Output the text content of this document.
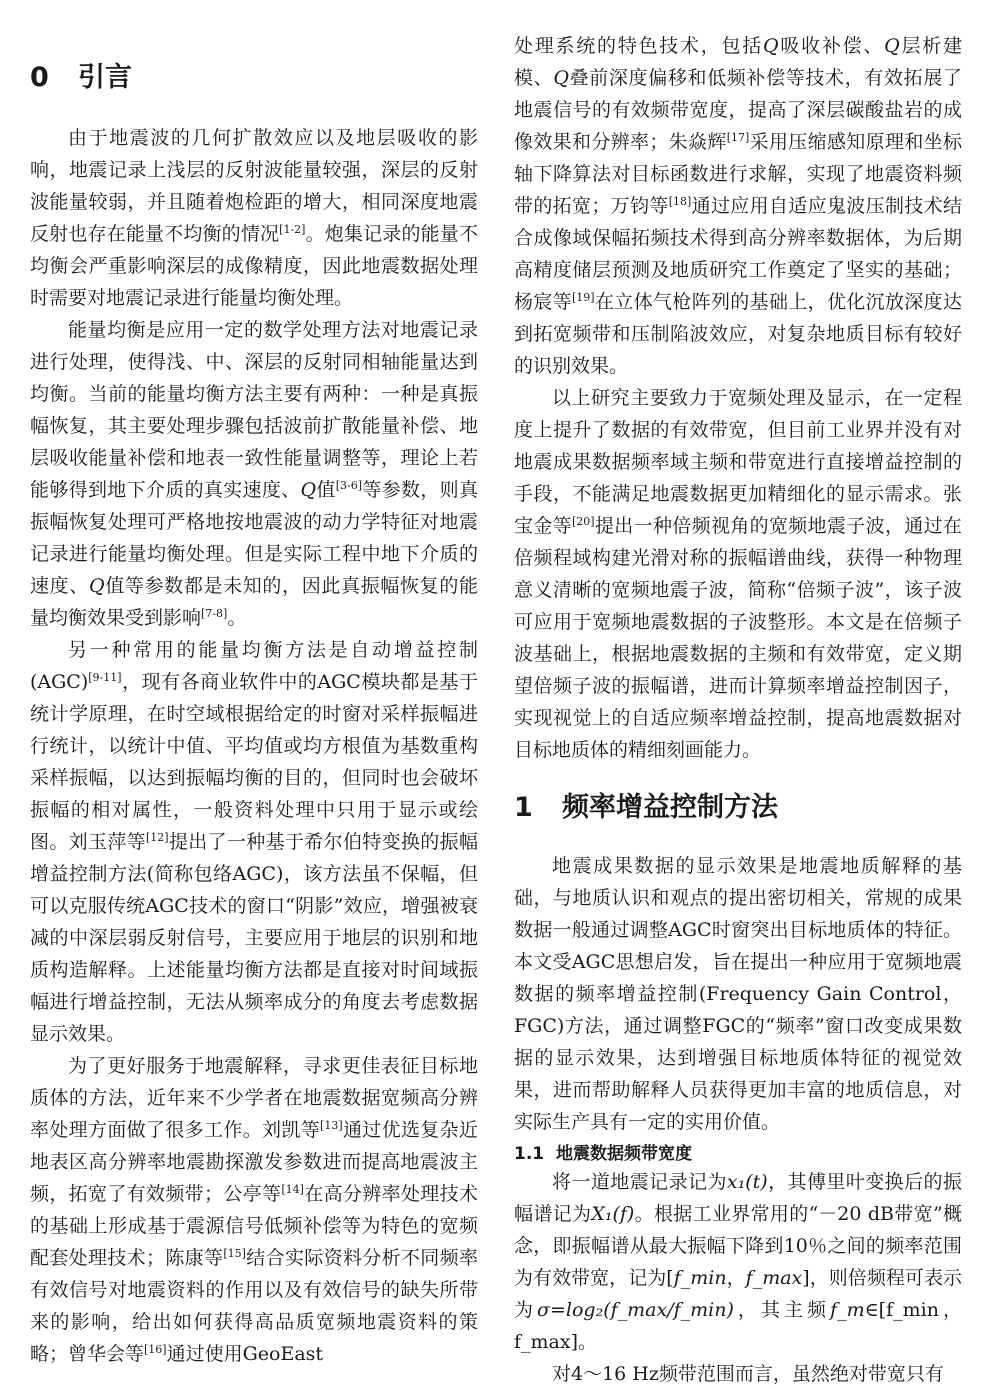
0 引言

由于地震波的几何扩散效应以及地层吸收的影响，地震记录上浅层的反射波能量较强，深层的反射波能量较弱，并且随着炮检距的增大，相同深度地震反射也存在能量不均衡的情况[1-2]。炮集记录的能量不均衡会严重影响深层的成像精度，因此地震数据处理时需要对地震记录进行能量均衡处理。

能量均衡是应用一定的数学处理方法对地震记录进行处理，使得浅、中、深层的反射同相轴能量达到均衡。当前的能量均衡方法主要有两种：一种是真振幅恢复，其主要处理步骤包括波前扩散能量补偿、地层吸收能量补偿和地表一致性能量调整等，理论上若能够得到地下介质的真实速度、Q值[3-6]等参数，则真振幅恢复处理可严格地按地震波的动力学特征对地震记录进行能量均衡处理。但是实际工程中地下介质的速度、Q值等参数都是未知的，因此真振幅恢复的能量均衡效果受到影响[7-8]。

另一种常用的能量均衡方法是自动增益控制(AGC)[9-11]，现有各商业软件中的AGC模块都是基于统计学原理，在时空域根据给定的时窗对采样振幅进行统计，以统计中值、平均值或均方根值为基数重构采样振幅，以达到振幅均衡的目的，但同时也会破坏振幅的相对属性，一般资料处理中只用于显示或绘图。刘玉萍等[12]提出了一种基于希尔伯特变换的振幅增益控制方法(简称包络AGC)，该方法虽不保幅，但可以克服传统AGC技术的窗口“阴影”效应，增强被衰减的中深层弱反射信号，主要应用于地层的识别和地质构造解释。上述能量均衡方法都是直接对时间域振幅进行增益控制，无法从频率成分的角度去考虑数据显示效果。

为了更好服务于地震解释，寻求更佳表征目标地质体的方法，近年来不少学者在地震数据宽频高分辨率处理方面做了很多工作。刘凯等[13]通过优选复杂近地表区高分辨率地震勘探激发参数进而提高地震波主频，拓宽了有效频带；公亭等[14]在高分辨率处理技术的基础上形成基于震源信号低频补偿等为特色的宽频配套处理技术；陈康等[15]结合实际资料分析不同频率有效信号对地震资料的作用以及有效信号的缺失所带来的影响，给出如何获得高品质宽频地震资料的策略；曾华会等[16]通过使用GeoEast

处理系统的特色技术，包括Q吸收补偿、Q层析建模、Q叠前深度偏移和低频补偿等技术，有效拓展了地震信号的有效频带宽度，提高了深层碳酸盐岩的成像效果和分辨率；朱焱辉[17]采用压缩感知原理和坐标轴下降算法对目标函数进行求解，实现了地震资料频带的拓宽；万钧等[18]通过应用自适应鬼波压制技术结合成像域保幅拓频技术得到高分辨率数据体，为后期高精度储层预测及地质研究工作奠定了坚实的基础；杨宸等[19]在立体气枪阵列的基础上，优化沉放深度达到拓宽频带和压制陷波效应，对复杂地质目标有较好的识别效果。

以上研究主要致力于宽频处理及显示，在一定程度上提升了数据的有效带宽，但目前工业界并没有对地震成果数据频率域主频和带宽进行直接增益控制的手段，不能满足地震数据更加精细化的显示需求。张宝金等[20]提出一种倍频视角的宽频地震子波，通过在倍频程域构建光滑对称的振幅谱曲线，获得一种物理意义清晰的宽频地震子波，简称“倍频子波”，该子波可应用于宽频地震数据的子波整形。本文是在倍频子波基础上，根据地震数据的主频和有效带宽，定义期望倍频子波的振幅谱，进而计算频率增益控制因子，实现视觉上的自适应频率增益控制，提高地震数据对目标地质体的精细刻画能力。

1 频率增益控制方法

地震成果数据的显示效果是地震地质解释的基础，与地质认识和观点的提出密切相关，常规的成果数据一般通过调整AGC时窗突出目标地质体的特征。本文受AGC思想启发，旨在提出一种应用于宽频地震数据的频率增益控制(Frequency Gain Control，FGC)方法，通过调整FGC的“频率”窗口改变成果数据的显示效果，达到增强目标地质体特征的视觉效果，进而帮助解释人员获得更加丰富的地质信息，对实际生产具有一定的实用价值。

1.1 地震数据频带宽度

将一道地震记录记为x₁(t)，其傅里叶变换后的振幅谱记为X₁(f)。根据工业界常用的“－20 dB带宽”概念，即振幅谱从最大振幅下降到10％之间的频率范围为有效带宽，记为[f_min，f_max]，则倍频程可表示为σ=log₂(f_max/f_min)，其主频f_m∈[f_min，f_max]。

对4～16 Hz频带范围而言，虽然绝对带宽只有
